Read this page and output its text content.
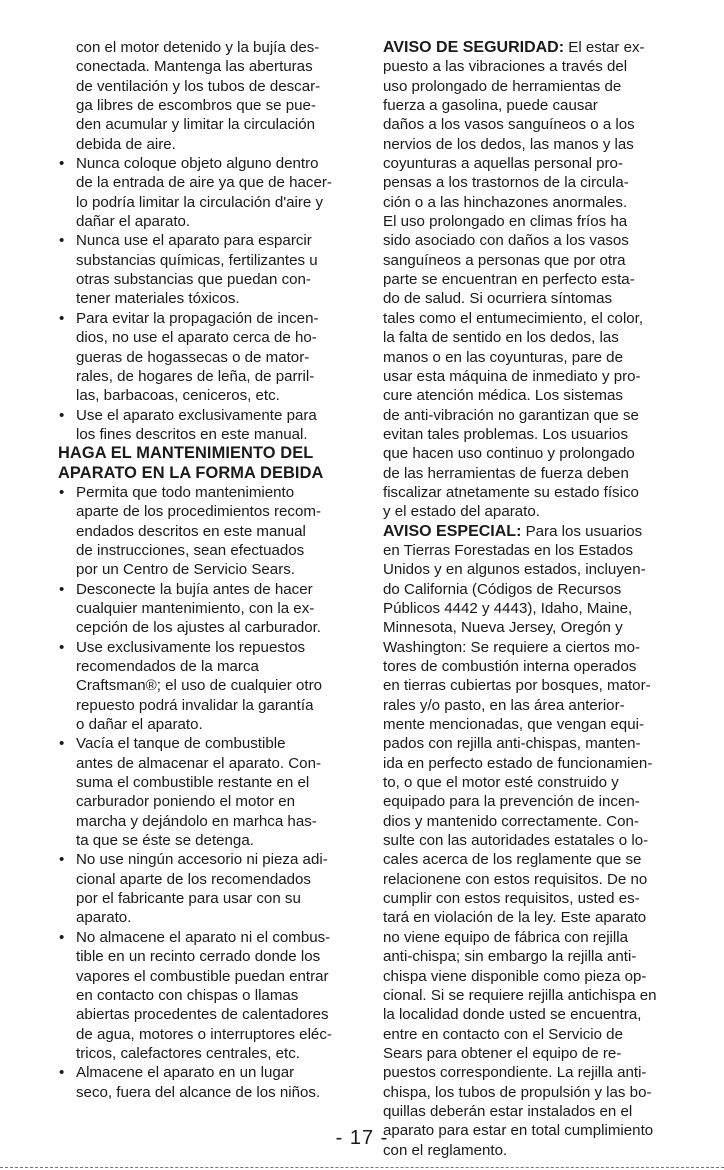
con el motor detenido y la bujía des-
conectada. Mantenga las aberturas
de ventilación y los tubos de descar-
ga libres de escombros que se pue-
den acumular y limitar la circulación
debida de aire.
• Nunca coloque objeto alguno dentro
de la entrada de aire ya que de hacer-
lo podría limitar la circulación d'aire y
dañar el aparato.
• Nunca use el aparato para esparcir
substancias químicas, fertilizantes u
otras substancias que puedan con-
tener materiales tóxicos.
• Para evitar la propagación de incen-
dios, no use el aparato cerca de ho-
gueras de hogassecas o de mator-
rales, de hogares de leña, de parril-
las, barbacoas, ceniceros, etc.
• Use el aparato exclusivamente para
los fines descritos en este manual.
HAGA EL MANTENIMIENTO DEL
APARATO EN LA FORMA DEBIDA
• Permita que todo mantenimiento
aparte de los procedimientos recom-
endados descritos en este manual
de instrucciones, sean efectuados
por un Centro de Servicio Sears.
• Desconecte la bujía antes de hacer
cualquier mantenimiento, con la ex-
cepción de los ajustes al carburador.
• Use exclusivamente los repuestos
recomendados de la marca
Craftsman®; el uso de cualquier otro
repuesto podrá invalidar la garantía
o dañar el aparato.
• Vacía el tanque de combustible
antes de almacenar el aparato. Con-
suma el combustible restante en el
carburador poniendo el motor en
marcha y dejándolo en marhca has-
ta que se éste se detenga.
• No use ningún accesorio ni pieza adi-
cional aparte de los recomendados
por el fabricante para usar con su
aparato.
• No almacene el aparato ni el combus-
tible en un recinto cerrado donde los
vapores el combustible puedan entrar
en contacto con chispas o llamas
abiertas procedentes de calentadores
de agua, motores o interruptores eléc-
tricos, calefactores centrales, etc.
• Almacene el aparato en un lugar
seco, fuera del alcance de los niños.
AVISO DE SEGURIDAD: El estar ex-
puesto a las vibraciones a través del
uso prolongado de herramientas de
fuerza a gasolina, puede causar
daños a los vasos sanguíneos o a los
nervios de los dedos, las manos y las
coyunturas a aquellas personal pro-
pensas a los trastornos de la circula-
ción o a las hinchazones anormales.
El uso prolongado en climas fríos ha
sido asociado con daños a los vasos
sanguíneos a personas que por otra
parte se encuentran en perfecto esta-
do de salud. Si ocurriera síntomas
tales como el entumecimiento, el color,
la falta de sentido en los dedos, las
manos o en las coyunturas, pare de
usar esta máquina de inmediato y pro-
cure atención médica. Los sistemas
de anti-vibración no garantizan que se
evitan tales problemas. Los usuarios
que hacen uso continuo y prolongado
de las herramientas de fuerza deben
fiscalizar atnetamente su estado físico
y el estado del aparato.
AVISO ESPECIAL: Para los usuarios
en Tierras Forestadas en los Estados
Unidos y en algunos estados, incluyen-
do California (Códigos de Recursos
Públicos 4442 y 4443), Idaho, Maine,
Minnesota, Nueva Jersey, Oregón y
Washington: Se requiere a ciertos mo-
tores de combustión interna operados
en tierras cubiertas por bosques, mator-
rales y/o pasto, en las área anterior-
mente mencionadas, que vengan equi-
pados con rejilla anti-chispas, manten-
ida en perfecto estado de funcionamien-
to, o que el motor esté construido y
equipado para la prevención de incen-
dios y mantenido correctamente. Con-
sulte con las autoridades estatales o lo-
cales acerca de los reglamente que se
relacionene con estos requisitos. De no
cumplir con estos requisitos, usted es-
tará en violación de la ley. Este aparato
no viene equipo de fábrica con rejilla
anti-chispa; sin embargo la rejilla anti-
chispa viene disponible como pieza op-
cional. Si se requiere rejilla antichispa en
la localidad donde usted se encuentra,
entre en contacto con el Servicio de
Sears para obtener el equipo de re-
puestos correspondiente. La rejilla anti-
chispa, los tubos de propulsión y las bo-
quillas deberán estar instalados en el
aparato para estar en total cumplimiento
con el reglamento.
- 17 -
